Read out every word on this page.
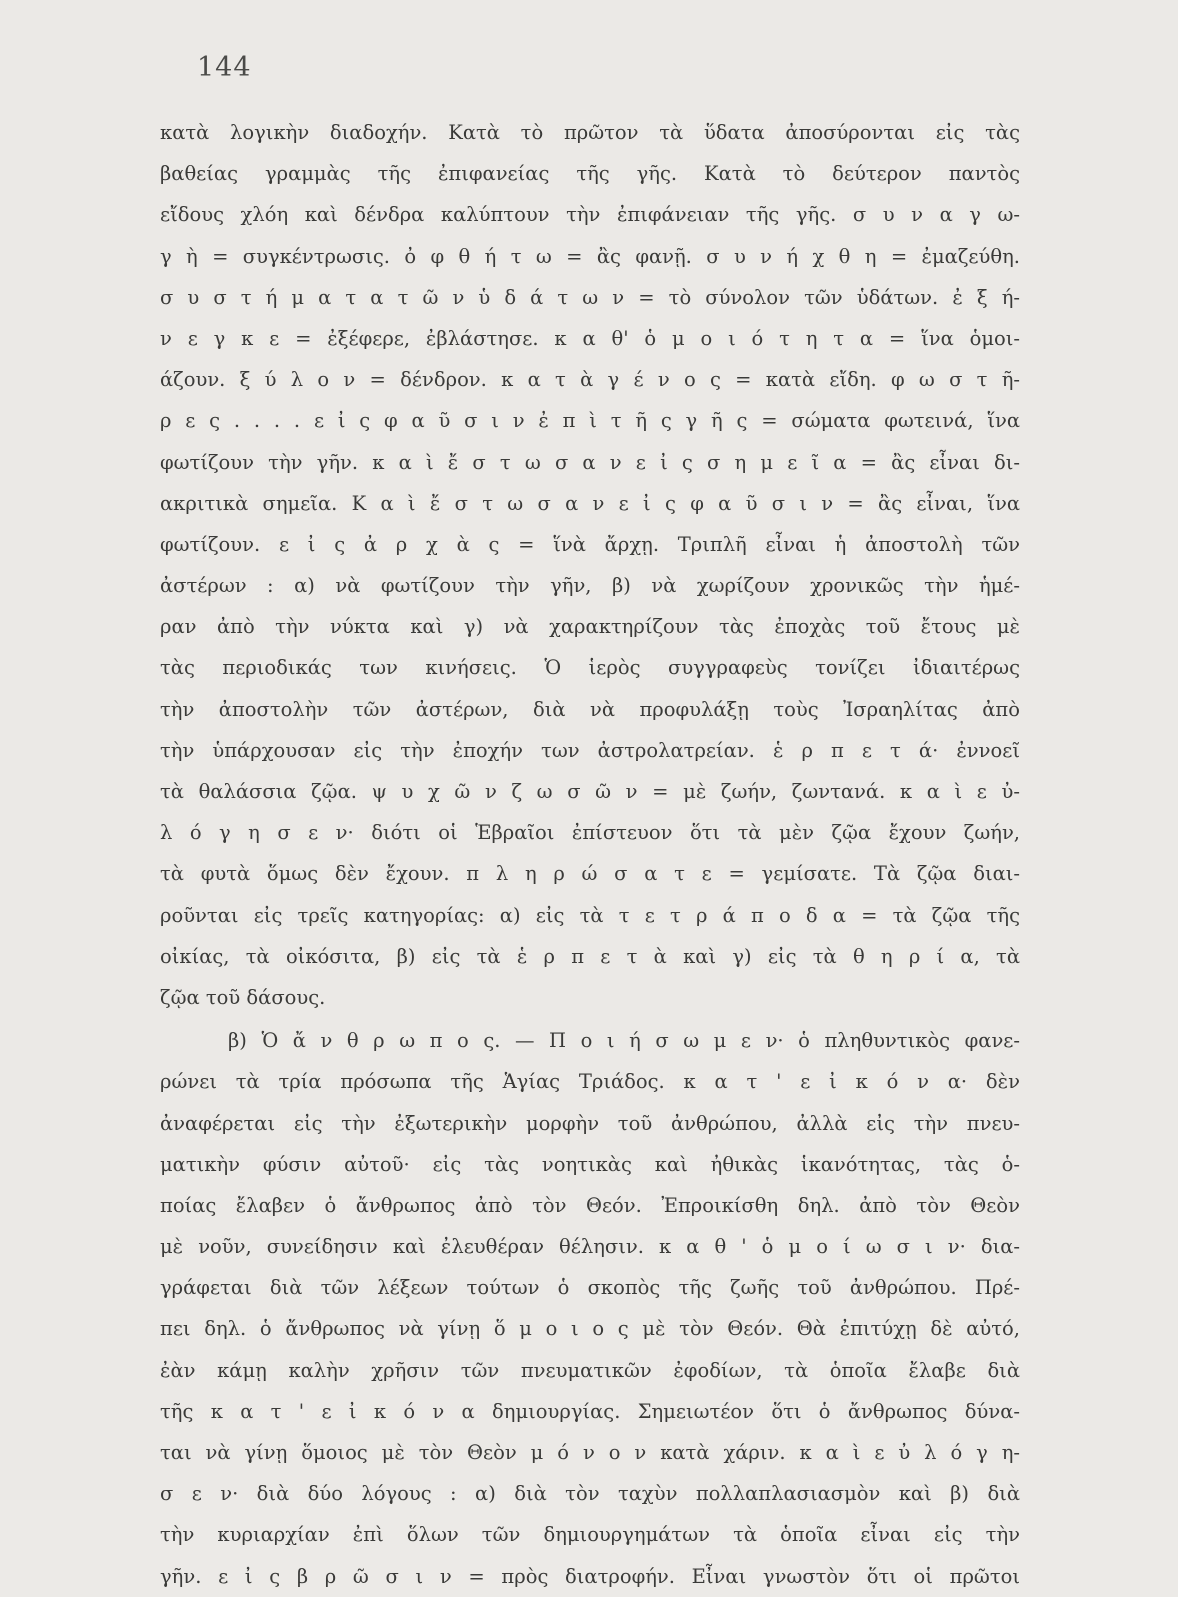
144
κατὰ λογικὴν διαδοχήν. Κατὰ τὸ πρῶτον τὰ ὕδατα ἀποσύρονται εἰς τὰς
βαθείας γραμμὰς τῆς ἐπιφανείας τῆς γῆς. Κατὰ τὸ δεύτερον παντὸς
εἴδους χλόη καὶ δένδρα καλύπτουν τὴν ἐπιφάνειαν τῆς γῆς. σ υ ν α γ ω-
γ ὴ = συγκέντρωσις. ὀ φ θ ή τ ω = ἂς φανῇ. σ υ ν ή χ θ η = ἐμαζεύθη.
σ υ σ τ ή μ α τ α τ ῶ ν ὑ δ ά τ ω ν = τὸ σύνολον τῶν ὑδάτων. ἐ ξ ή-
ν ε γ κ ε = ἐξέφερε, ἐβλάστησε. κ α θ' ὁ μ ο ι ό τ η τ α = ἵνα ὁμοι-
άζουν. ξ ύ λ ο ν = δένδρον. κ α τ ὰ γ έ ν ο ς = κατὰ εἴδη. φ ω σ τ ῆ-
ρ ε ς . . . . ε ἰ ς φ α ῦ σ ι ν ἐ π ὶ τ ῆ ς γ ῆ ς = σώματα φωτεινά, ἵνα
φωτίζουν τὴν γῆν. κ α ὶ ἔ σ τ ω σ α ν ε ἰ ς σ η μ ε ῖ α = ἂς εἶναι δι-
ακριτικὰ σημεῖα. Κ α ὶ ἔ σ τ ω σ α ν ε ἰ ς φ α ῦ σ ι ν = ἂς εἶναι, ἵνα
φωτίζουν. ε ἰ ς ἀ ρ χ ὰ ς = ἵνὰ ἄρχῃ. Τριπλῆ εἶναι ἡ ἀποστολὴ τῶν
ἀστέρων : α) νὰ φωτίζουν τὴν γῆν, β) νὰ χωρίζουν χρονικῶς τὴν ἡμέ-
ραν ἀπὸ τὴν νύκτα καὶ γ) νὰ χαρακτηρίζουν τὰς ἐποχὰς τοῦ ἔτους μὲ
τὰς περιοδικάς των κινήσεις. Ὁ ἱερὸς συγγραφεὺς τονίζει ἰδιαιτέρως
τὴν ἀποστολὴν τῶν ἀστέρων, διὰ νὰ προφυλάξῃ τοὺς Ἰσραηλίτας ἀπὸ
τὴν ὑπάρχουσαν εἰς τὴν ἐποχήν των ἀστρολατρείαν. ἑ ρ π ε τ ά· ἐννοεῖ
τὰ θαλάσσια ζῷα. ψ υ χ ῶ ν ζ ω σ ῶ ν = μὲ ζωήν, ζωντανά. κ α ὶ ε ὐ-
λ ό γ η σ ε ν· διότι οἱ Ἑβραῖοι ἐπίστευον ὅτι τὰ μὲν ζῷα ἔχουν ζωήν,
τὰ φυτὰ ὅμως δὲν ἔχουν. π λ η ρ ώ σ α τ ε = γεμίσατε. Τὰ ζῷα διαι-
ροῦνται εἰς τρεῖς κατηγορίας: α) εἰς τὰ τ ε τ ρ ά π ο δ α = τὰ ζῷα τῆς
οἰκίας, τὰ οἰκόσιτα, β) εἰς τὰ ἑ ρ π ε τ ὰ καὶ γ) εἰς τὰ θ η ρ ί α, τὰ
ζῷα τοῦ δάσους.
β) Ὁ ἄ ν θ ρ ω π ο ς. — Π ο ι ή σ ω μ ε ν· ὁ πληθυντικὸς φανε-
ρώνει τὰ τρία πρόσωπα τῆς Ἁγίας Τριάδος. κ α τ ' ε ἰ κ ό ν α· δὲν
ἀναφέρεται εἰς τὴν ἐξωτερικὴν μορφὴν τοῦ ἀνθρώπου, ἀλλὰ εἰς τὴν πνευ-
ματικὴν φύσιν αὐτοῦ· εἰς τὰς νοητικὰς καὶ ἠθικὰς ἱκανότητας, τὰς ὁ-
ποίας ἔλαβεν ὁ ἄνθρωπος ἀπὸ τὸν Θεόν. Ἐπροικίσθη δηλ. ἀπὸ τὸν Θεὸν
μὲ νοῦν, συνείδησιν καὶ ἐλευθέραν θέλησιν. κ α θ ' ὁ μ ο ί ω σ ι ν· δια-
γράφεται διὰ τῶν λέξεων τούτων ὁ σκοπὸς τῆς ζωῆς τοῦ ἀνθρώπου. Πρέ-
πει δηλ. ὁ ἄνθρωπος νὰ γίνῃ ὅ μ ο ι ο ς μὲ τὸν Θεόν. Θὰ ἐπιτύχῃ δὲ αὐτό,
ἐὰν κάμῃ καλὴν χρῆσιν τῶν πνευματικῶν ἐφοδίων, τὰ ὁποῖα ἔλαβε διὰ
τῆς κ α τ ' ε ἰ κ ό ν α δημιουργίας. Σημειωτέον ὅτι ὁ ἄνθρωπος δύνα-
ται νὰ γίνῃ ὅμοιος μὲ τὸν Θεὸν μ ό ν ο ν κατὰ χάριν. κ α ὶ ε ὐ λ ό γ η-
σ ε ν· διὰ δύο λόγους : α) διὰ τὸν ταχὺν πολλαπλασιασμὸν καὶ β) διὰ
τὴν κυριαρχίαν ἐπὶ ὅλων τῶν δημιουργημάτων τὰ ὁποῖα εἶναι εἰς τὴν
γῆν. ε ἰ ς β ρ ῶ σ ι ν = πρὸς διατροφήν. Εἶναι γνωστὸν ὅτι οἱ πρῶτοι
